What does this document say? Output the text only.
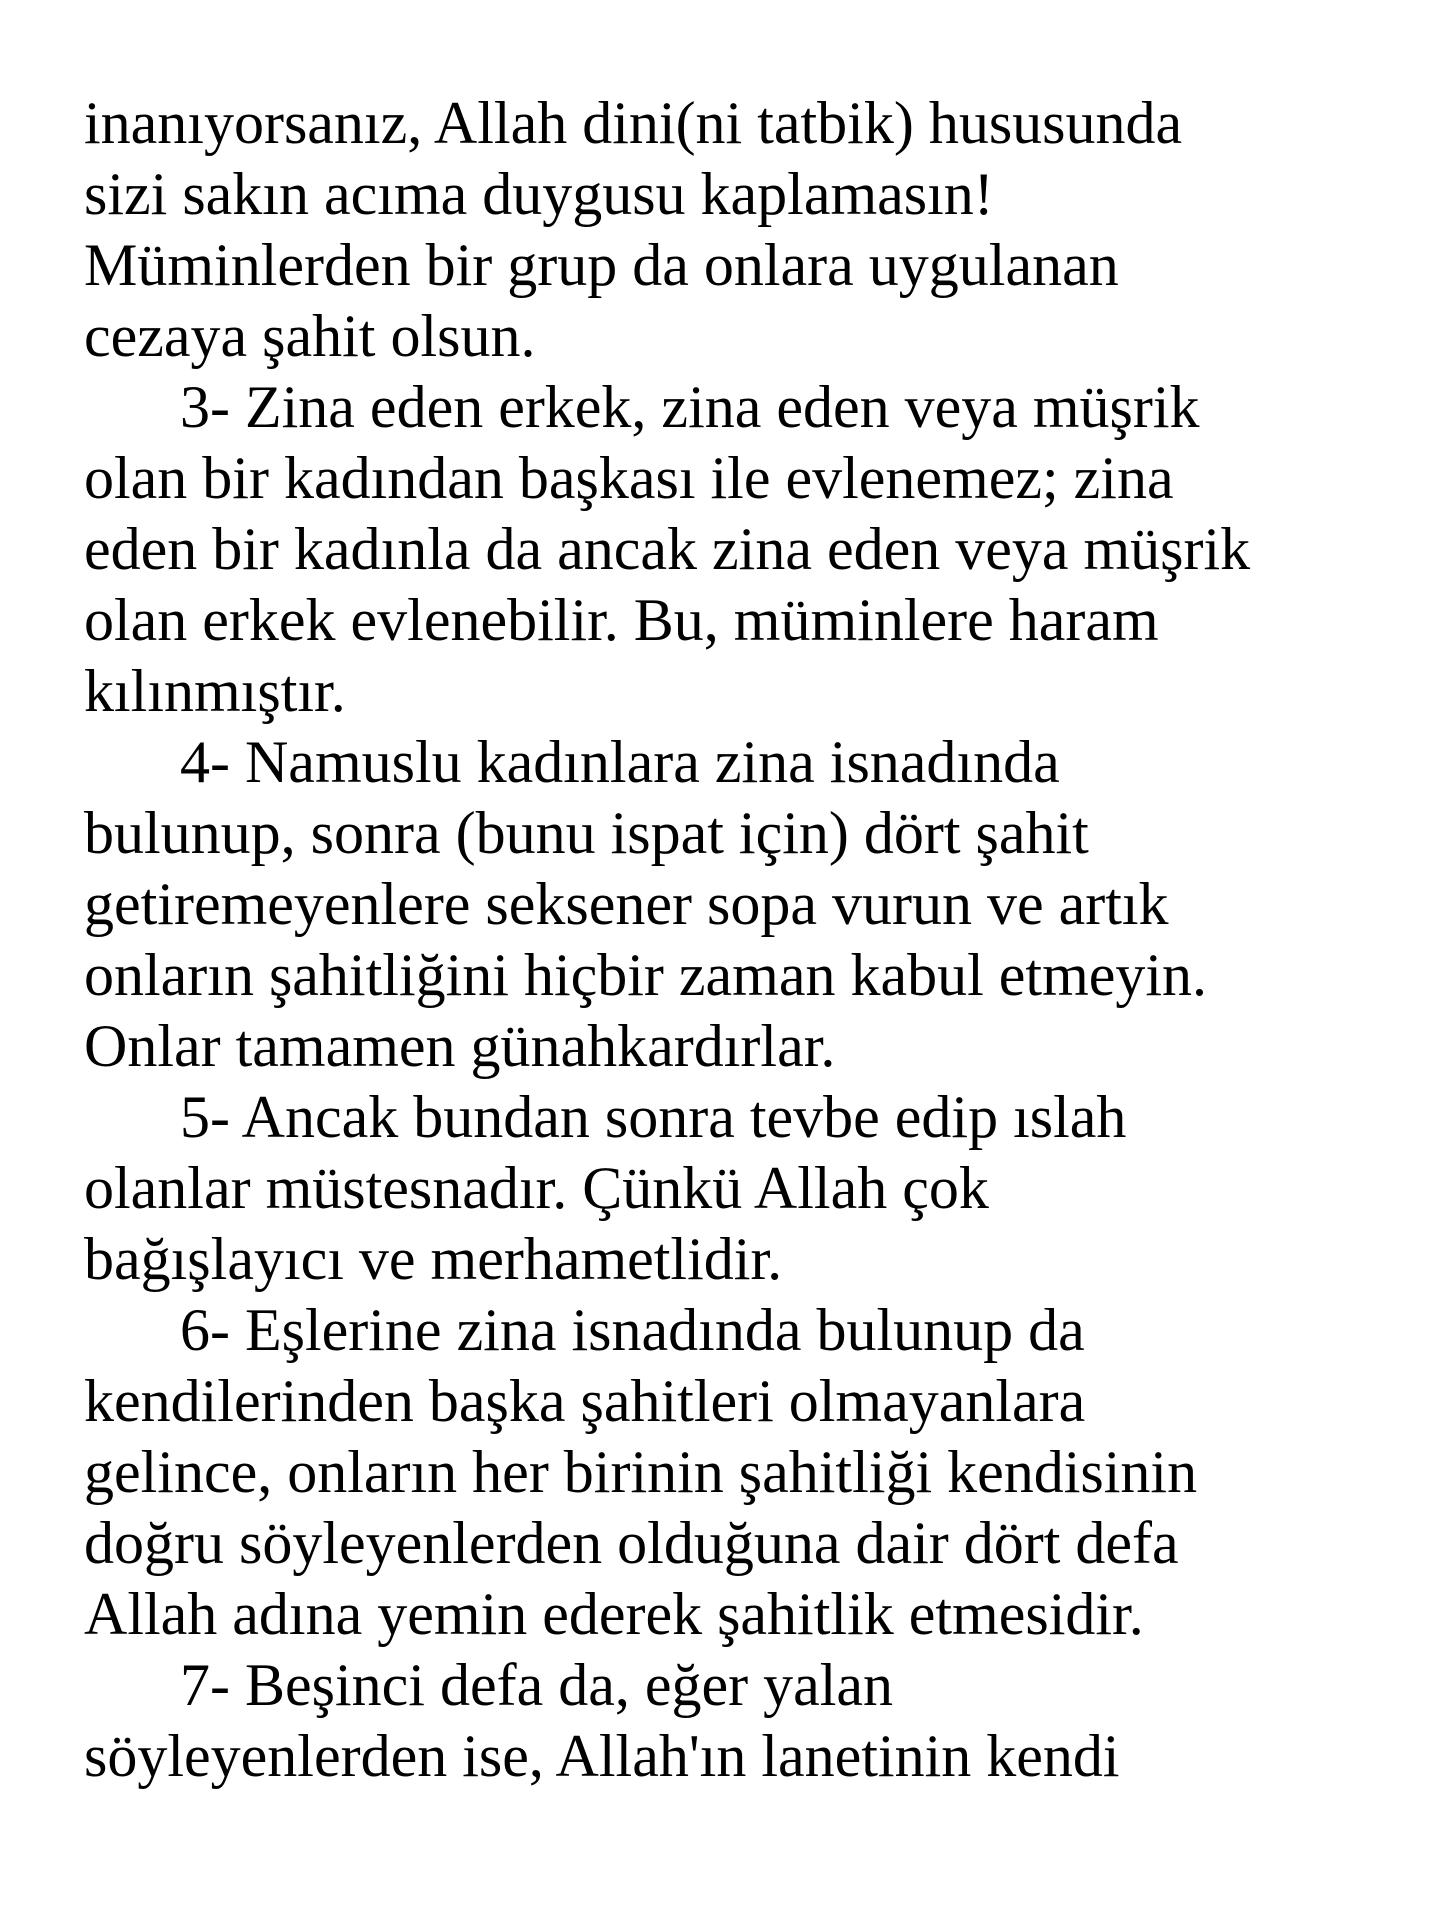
inanıyorsanız, Allah dini(ni tatbik) hususunda
sizi sakın acıma duygusu kaplamasın!
Müminlerden bir grup da onlara uygulanan
cezaya şahit olsun.
3- Zina eden erkek, zina eden veya müşrik
olan bir kadından başkası ile evlenemez; zina
eden bir kadınla da ancak zina eden veya müşrik
olan erkek evlenebilir. Bu, müminlere haram
kılınmıştır.
4- Namuslu kadınlara zina isnadında
bulunup, sonra (bunu ispat için) dört şahit
getiremeyenlere seksener sopa vurun ve artık
onların şahitliğini hiçbir zaman kabul etmeyin.
Onlar tamamen günahkardırlar.
5- Ancak bundan sonra tevbe edip ıslah
olanlar müstesnadır. Çünkü Allah çok
bağışlayıcı ve merhametlidir.
6- Eşlerine zina isnadında bulunup da
kendilerinden başka şahitleri olmayanlara
gelince, onların her birinin şahitliği kendisinin
doğru söyleyenlerden olduğuna dair dört defa
Allah adına yemin ederek şahitlik etmesidir.
7- Beşinci defa da, eğer yalan
söyleyenlerden ise, Allah'ın lanetinin kendi
